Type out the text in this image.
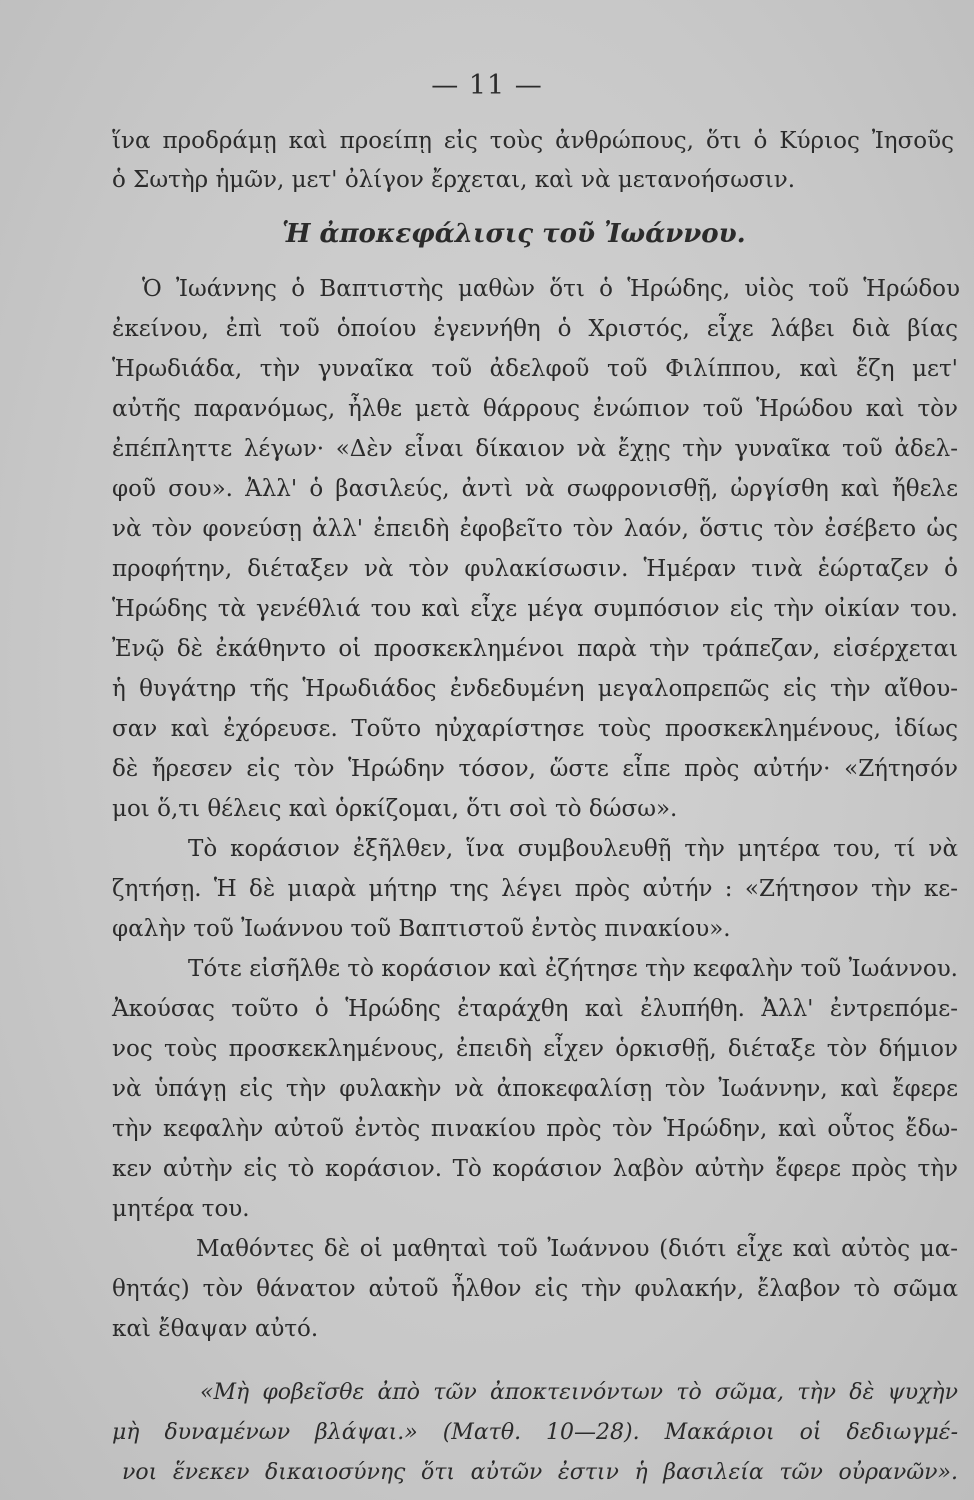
— 11 —
ἵνα προδράμῃ καὶ προείπῃ εἰς τοὺς ἀνθρώπους, ὅτι ὁ Κύριος Ἰησοῦς
ὁ Σωτὴρ ἡμῶν, μετ' ὀλίγον ἔρχεται, καὶ νὰ μετανοήσωσιν.
Ἡ ἀποκεφάλισις τοῦ Ἰωάννου.
Ὁ Ἰωάννης ὁ Βαπτιστὴς μαθὼν ὅτι ὁ Ἡρώδης, υἱὸς τοῦ Ἡρώδου
ἐκείνου, ἐπὶ τοῦ ὁποίου ἐγεννήθη ὁ Χριστός, εἶχε λάβει διὰ βίας
Ἡρωδιάδα, τὴν γυναῖκα τοῦ ἀδελφοῦ τοῦ Φιλίππου, καὶ ἔζη μετ'
αὐτῆς παρανόμως, ἦλθε μετὰ θάρρους ἐνώπιον τοῦ Ἡρώδου καὶ τὸν
ἐπέπληττε λέγων· «Δὲν εἶναι δίκαιον νὰ ἔχῃς τὴν γυναῖκα τοῦ ἀδελ-
φοῦ σου». Ἀλλ' ὁ βασιλεύς, ἀντὶ νὰ σωφρονισθῇ, ὠργίσθη καὶ ἤθελε
νὰ τὸν φονεύσῃ ἀλλ' ἐπειδὴ ἐφοβεῖτο τὸν λαόν, ὅστις τὸν ἐσέβετο ὡς
προφήτην, διέταξεν νὰ τὸν φυλακίσωσιν. Ἡμέραν τινὰ ἑώρταζεν ὁ
Ἡρώδης τὰ γενέθλιά του καὶ εἶχε μέγα συμπόσιον εἰς τὴν οἰκίαν του.
Ἐνῷ δὲ ἐκάθηντο οἱ προσκεκλημένοι παρὰ τὴν τράπεζαν, εἰσέρχεται
ἡ θυγάτηρ τῆς Ἡρωδιάδος ἐνδεδυμένη μεγαλοπρεπῶς εἰς τὴν αἴθου-
σαν καὶ ἐχόρευσε. Τοῦτο ηὐχαρίστησε τοὺς προσκεκλημένους, ἰδίως
δὲ ἤρεσεν εἰς τὸν Ἡρώδην τόσον, ὥστε εἶπε πρὸς αὐτήν· «Ζήτησόν
μοι ὅ,τι θέλεις καὶ ὁρκίζομαι, ὅτι σοὶ τὸ δώσω».
Τὸ κοράσιον ἐξῆλθεν, ἵνα συμβουλευθῇ τὴν μητέρα του, τί νὰ
ζητήσῃ. Ἡ δὲ μιαρὰ μήτηρ της λέγει πρὸς αὐτήν : «Ζήτησον τὴν κε-
φαλὴν τοῦ Ἰωάννου τοῦ Βαπτιστοῦ ἐντὸς πινακίου».
Τότε εἰσῆλθε τὸ κοράσιον καὶ ἐζήτησε τὴν κεφαλὴν τοῦ Ἰωάννου.
Ἀκούσας τοῦτο ὁ Ἡρώδης ἐταράχθη καὶ ἐλυπήθη. Ἀλλ' ἐντρεπόμε-
νος τοὺς προσκεκλημένους, ἐπειδὴ εἶχεν ὁρκισθῇ, διέταξε τὸν δήμιον
νὰ ὑπάγῃ εἰς τὴν φυλακὴν νὰ ἀποκεφαλίσῃ τὸν Ἰωάννην, καὶ ἔφερε
τὴν κεφαλὴν αὐτοῦ ἐντὸς πινακίου πρὸς τὸν Ἡρώδην, καὶ οὗτος ἔδω-
κεν αὐτὴν εἰς τὸ κοράσιον. Τὸ κοράσιον λαβὸν αὐτὴν ἔφερε πρὸς τὴν
μητέρα του.
Μαθόντες δὲ οἱ μαθηταὶ τοῦ Ἰωάννου (διότι εἶχε καὶ αὐτὸς μα-
θητάς) τὸν θάνατον αὐτοῦ ἦλθον εἰς τὴν φυλακήν, ἔλαβον τὸ σῶμα
καὶ ἔθαψαν αὐτό.
«Μὴ φοβεῖσθε ἀπὸ τῶν ἀποκτεινόντων τὸ σῶμα, τὴν δὲ ψυχὴν
μὴ δυναμένων βλάψαι.» (Ματθ. 10—28). Μακάριοι οἱ δεδιωγμέ-
νοι ἕνεκεν δικαιοσύνης ὅτι αὐτῶν ἐστιν ἡ βασιλεία τῶν οὐρανῶν».
